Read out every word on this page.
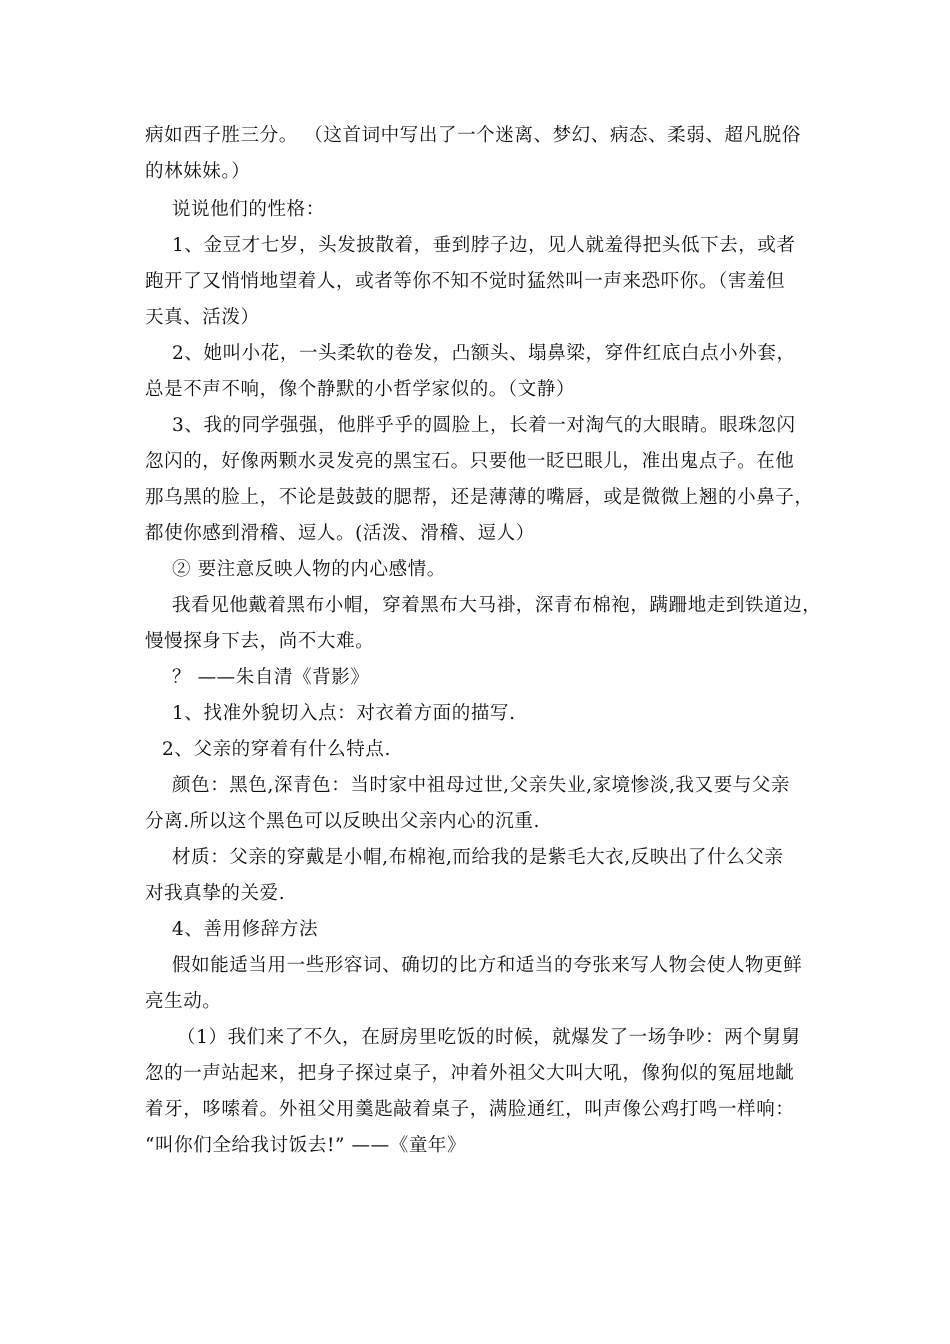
病如西子胜三分。 （这首词中写出了一个迷离、梦幻、病态、柔弱、超凡脱俗
的林妹妹。）
说说他们的性格：
1、金豆才七岁，头发披散着，垂到脖子边，见人就羞得把头低下去，或者
跑开了又悄悄地望着人，或者等你不知不觉时猛然叫一声来恐吓你。（害羞但
天真、活泼）
2、她叫小花，一头柔软的卷发，凸额头、塌鼻梁，穿件红底白点小外套，
总是不声不响，像个静默的小哲学家似的。（文静）
3、我的同学强强，他胖乎乎的圆脸上，长着一对淘气的大眼睛。眼珠忽闪
忽闪的，好像两颗水灵发亮的黑宝石。只要他一眨巴眼儿，准出鬼点子。在他
那乌黑的脸上，不论是鼓鼓的腮帮，还是薄薄的嘴唇，或是微微上翘的小鼻子，
都使你感到滑稽、逗人。(活泼、滑稽、逗人）
② 要注意反映人物的内心感情。
我看见他戴着黑布小帽，穿着黑布大马褂，深青布棉袍，蹒跚地走到铁道边，
慢慢探身下去，尚不大难。
？ ——朱自清《背影》
1、找准外貌切入点：对衣着方面的描写.
2、父亲的穿着有什么特点.
颜色：黑色,深青色：当时家中祖母过世,父亲失业,家境惨淡,我又要与父亲
分离.所以这个黑色可以反映出父亲内心的沉重.
材质：父亲的穿戴是小帽,布棉袍,而给我的是紫毛大衣,反映出了什么父亲
对我真挚的关爱.
4、善用修辞方法
假如能适当用一些形容词、确切的比方和适当的夸张来写人物会使人物更鲜
亮生动。
（1）我们来了不久，在厨房里吃饭的时候，就爆发了一场争吵：两个舅舅
忽的一声站起来，把身子探过桌子，冲着外祖父大叫大吼，像狗似的冤屈地龇
着牙，哆嗦着。外祖父用羹匙敲着桌子，满脸通红，叫声像公鸡打鸣一样响：
“叫你们全给我讨饭去!” ——《童年》
